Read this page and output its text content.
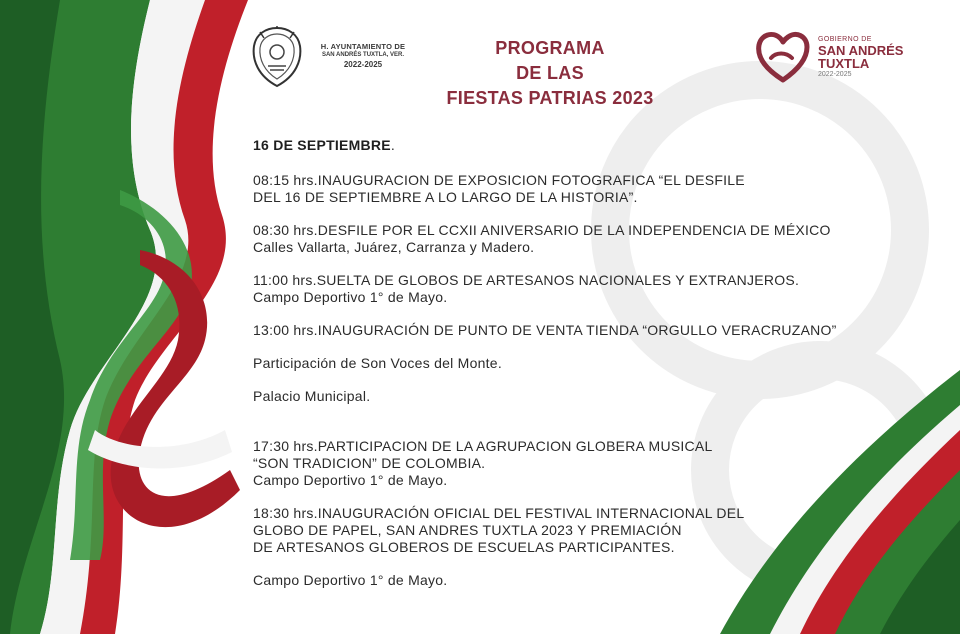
H. AYUNTAMIENTO DE
SAN ANDRÉS TUXTLA, VER.
2022-2025
PROGRAMA
DE LAS
FIESTAS PATRIAS 2023
GOBIERNO DE
SAN ANDRÉS
TUXTLA
2022-2025
16 DE SEPTIEMBRE.
08:15 hrs.INAUGURACION DE EXPOSICION FOTOGRAFICA “EL DESFILE
DEL 16 DE SEPTIEMBRE A LO LARGO DE LA HISTORIA”.
08:30 hrs.DESFILE POR EL CCXII ANIVERSARIO DE LA INDEPENDENCIA DE MÉXICO
Calles Vallarta, Juárez, Carranza y Madero.
11:00 hrs.SUELTA DE GLOBOS DE ARTESANOS NACIONALES Y EXTRANJEROS.
Campo Deportivo 1° de Mayo.
13:00 hrs.INAUGURACIÓN DE PUNTO DE VENTA TIENDA “ORGULLO VERACRUZANO”
Participación de Son Voces del Monte.
Palacio Municipal.
17:30 hrs.PARTICIPACION DE LA AGRUPACION GLOBERA MUSICAL
“SON TRADICION” DE COLOMBIA.
Campo Deportivo 1° de Mayo.
18:30 hrs.INAUGURACIÓN OFICIAL DEL FESTIVAL INTERNACIONAL DEL
GLOBO DE PAPEL, SAN ANDRES TUXTLA 2023 Y PREMIACIÓN
DE ARTESANOS GLOBEROS DE ESCUELAS PARTICIPANTES.
Campo Deportivo 1° de Mayo.
